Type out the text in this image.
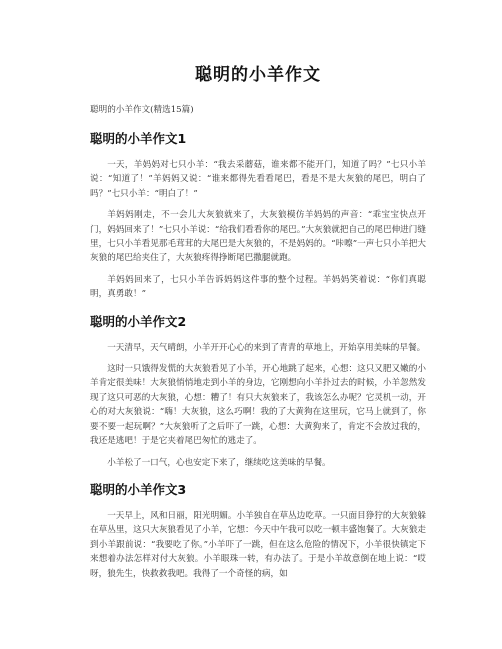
聪明的小羊作文

聪明的小羊作文(精选15篇)

聪明的小羊作文1

一天，羊妈妈对七只小羊：“我去采蘑菇，谁来都不能开门，知道了吗？”七只小羊说：“知道了！”羊妈妈又说：“谁来都得先看看尾巴，看是不是大灰狼的尾巴，明白了吗？”七只小羊：“明白了！”

羊妈妈刚走，不一会儿大灰狼就来了，大灰狼模仿羊妈妈的声音：“乖宝宝快点开门，妈妈回来了！”七只小羊说：“给我们看看你的尾巴。”大灰狼就把自己的尾巴伸进门缝里，七只小羊看见那毛茸茸的大尾巴是大灰狼的，不是妈妈的。“咔嚓”一声七只小羊把大灰狼的尾巴给夹住了，大灰狼疼得挣断尾巴撒腿就跑。

羊妈妈回来了，七只小羊告诉妈妈这件事的整个过程。羊妈妈笑着说：“你们真聪明，真勇敢！”

聪明的小羊作文2

一天清早，天气晴朗，小羊开开心心的来到了青青的草地上，开始享用美味的早餐。

这时一只饿得发慌的大灰狼看见了小羊，开心地跳了起来，心想：这只又肥又嫩的小羊肯定很美味！大灰狼悄悄地走到小羊的身边，它刚想向小羊扑过去的时候，小羊忽然发现了这只可恶的大灰狼，心想：糟了！有只大灰狼来了，我该怎么办呢？它灵机一动，开心的对大灰狼说：“嗨！大灰狼，这么巧啊！我的了大黄狗在这里玩，它马上就到了，你要不要一起玩啊？”大灰狼听了之后吓了一跳，心想：大黄狗来了，肯定不会放过我的，我还是逃吧！于是它夹着尾巴匆忙的逃走了。

小羊松了一口气，心也安定下来了，继续吃这美味的早餐。

聪明的小羊作文3

一天早上，风和日丽，阳光明媚。小羊独自在草丛边吃草。一只面目狰狞的大灰狼躲在草丛里，这只大灰狼看见了小羊，它想：今天中午我可以吃一顿丰盛饱餐了。大灰狼走到小羊跟前说：“我要吃了你。”小羊吓了一跳，但在这么危险的情况下，小羊很快镇定下来想着办法怎样对付大灰狼。小羊眼珠一转，有办法了。于是小羊故意倒在地上说：“哎呀，狼先生，快救救我吧。我得了一个奇怪的病，如
